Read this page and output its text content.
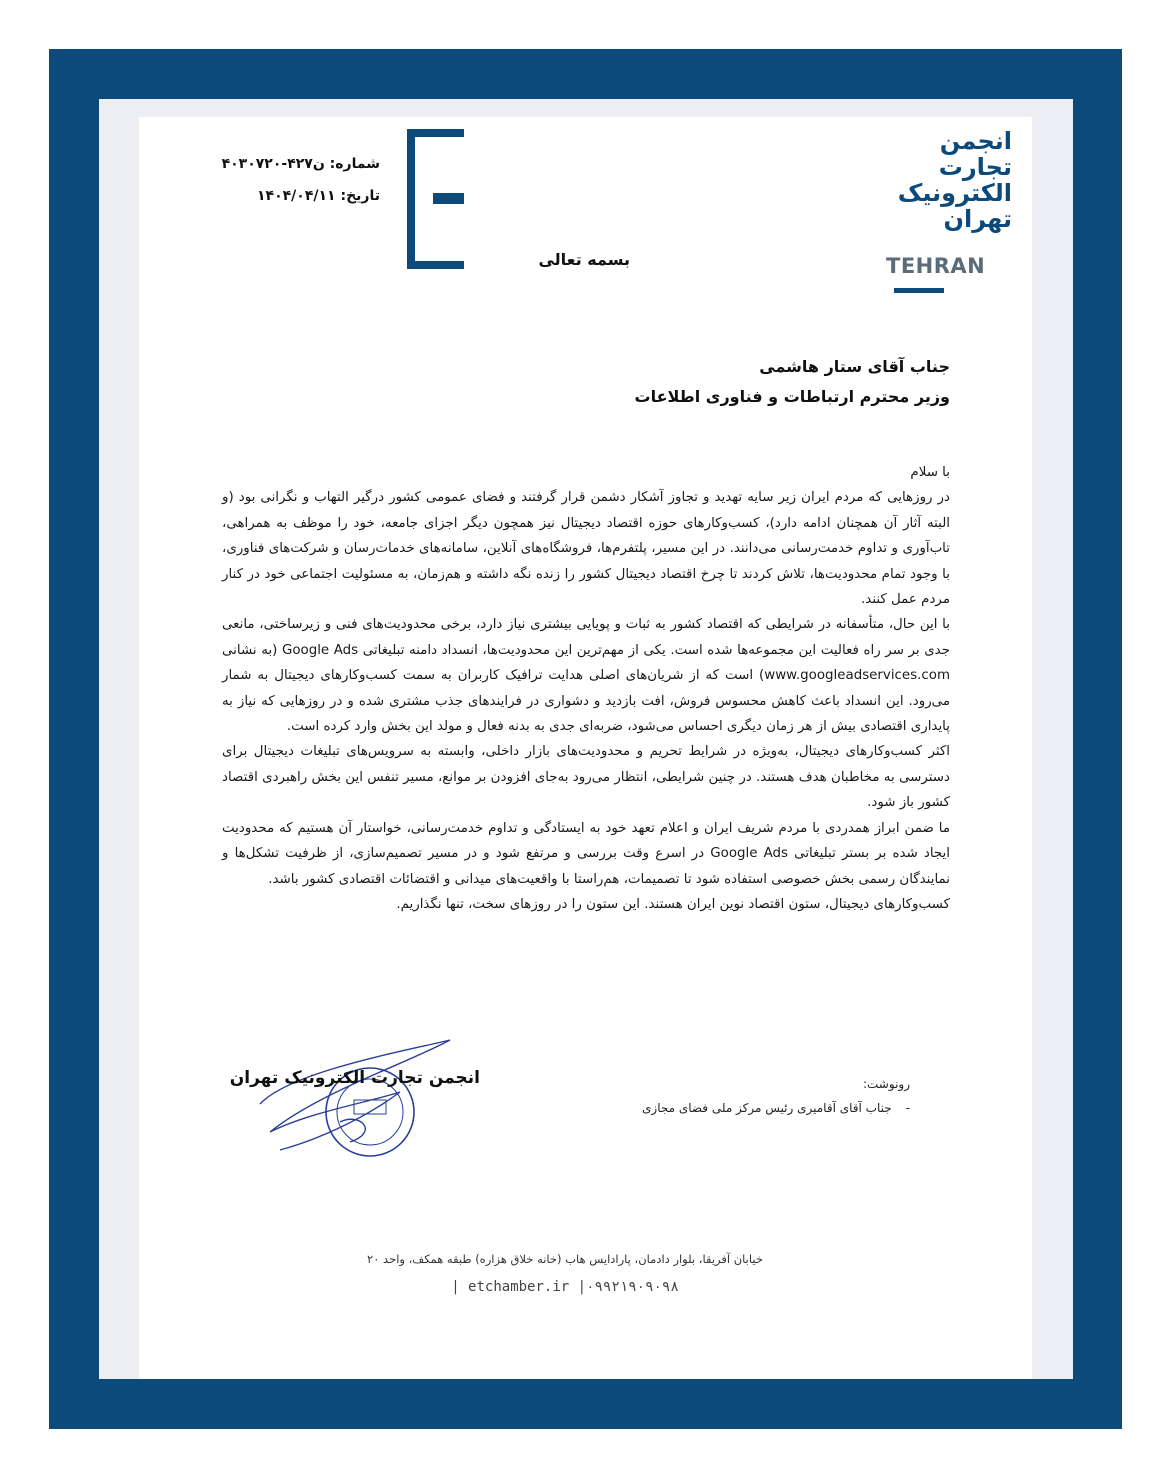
انجمن
تجارت
الکترونیک
تهران
TEHRAN
بسمه تعالی
شماره: ن۴۲۷-۴۰۳۰۷۲۰
تاریخ: ۱۴۰۴/۰۴/۱۱
جناب آقای ستار هاشمی
وزیر محترم ارتباطات و فناوری اطلاعات

با سلام

در روزهایی که مردم ایران زیر سایه تهدید و تجاوز آشکار دشمن قرار گرفتند و فضای عمومی کشور درگیر التهاب و نگرانی بود (و البته آثار آن همچنان ادامه دارد)، کسب‌وکارهای حوزه اقتصاد دیجیتال نیز همچون دیگر اجزای جامعه، خود را موظف به همراهی، تاب‌آوری و تداوم خدمت‌رسانی می‌دانند. در این مسیر، پلتفرم‌ها، فروشگاه‌های آنلاین، سامانه‌های خدمات‌رسان و شرکت‌های فناوری، با وجود تمام محدودیت‌ها، تلاش کردند تا چرخ اقتصاد دیجیتال کشور را زنده نگه داشته و هم‌زمان، به مسئولیت اجتماعی خود در کنار مردم عمل کنند.

با این حال، متأسفانه در شرایطی که اقتصاد کشور به ثبات و پویایی بیشتری نیاز دارد، برخی محدودیت‌های فنی و زیرساختی، مانعی جدی بر سر راه فعالیت این مجموعه‌ها شده است. یکی از مهم‌ترین این محدودیت‌ها، انسداد دامنه تبلیغاتی Google Ads (به نشانی www.googleadservices.com) است که از شریان‌های اصلی هدایت ترافیک کاربران به سمت کسب‌وکارهای دیجیتال به شمار می‌رود. این انسداد باعث کاهش محسوس فروش، افت بازدید و دشواری در فرایندهای جذب مشتری شده و در روزهایی که نیاز به پایداری اقتصادی بیش از هر زمان دیگری احساس می‌شود، ضربه‌ای جدی به بدنه فعال و مولد این بخش وارد کرده است.

اکثر کسب‌وکارهای دیجیتال، به‌ویژه در شرایط تحریم و محدودیت‌های بازار داخلی، وابسته به سرویس‌های تبلیغات دیجیتال برای دسترسی به مخاطبان هدف هستند. در چنین شرایطی، انتظار می‌رود به‌جای افزودن بر موانع، مسیر تنفس این بخش راهبردی اقتصاد کشور باز شود.

ما ضمن ابراز همدردی با مردم شریف ایران و اعلام تعهد خود به ایستادگی و تداوم خدمت‌رسانی، خواستار آن هستیم که محدودیت ایجاد شده بر بستر تبلیغاتی Google Ads در اسرع وقت بررسی و مرتفع شود و در مسیر تصمیم‌سازی، از ظرفیت تشکل‌ها و نمایندگان رسمی بخش خصوصی استفاده شود تا تصمیمات، هم‌راستا با واقعیت‌های میدانی و اقتضائات اقتصادی کشور باشد.

کسب‌وکارهای دیجیتال، ستون اقتصاد نوین ایران هستند. این ستون را در روزهای سخت، تنها نگذاریم.

انجمن تجارت الکترونیک تهران	رونوشت:
- جناب آقای آقامیری رئیس مرکز ملی فضای مجازی
خیابان آفریقا، بلوار دادمان، پارادایس هاب (خانه خلاق هزاره) طبقه همکف، واحد ۲۰
| etchamber.ir |۰۹۹۲۱۹۰۹۰۹۸
